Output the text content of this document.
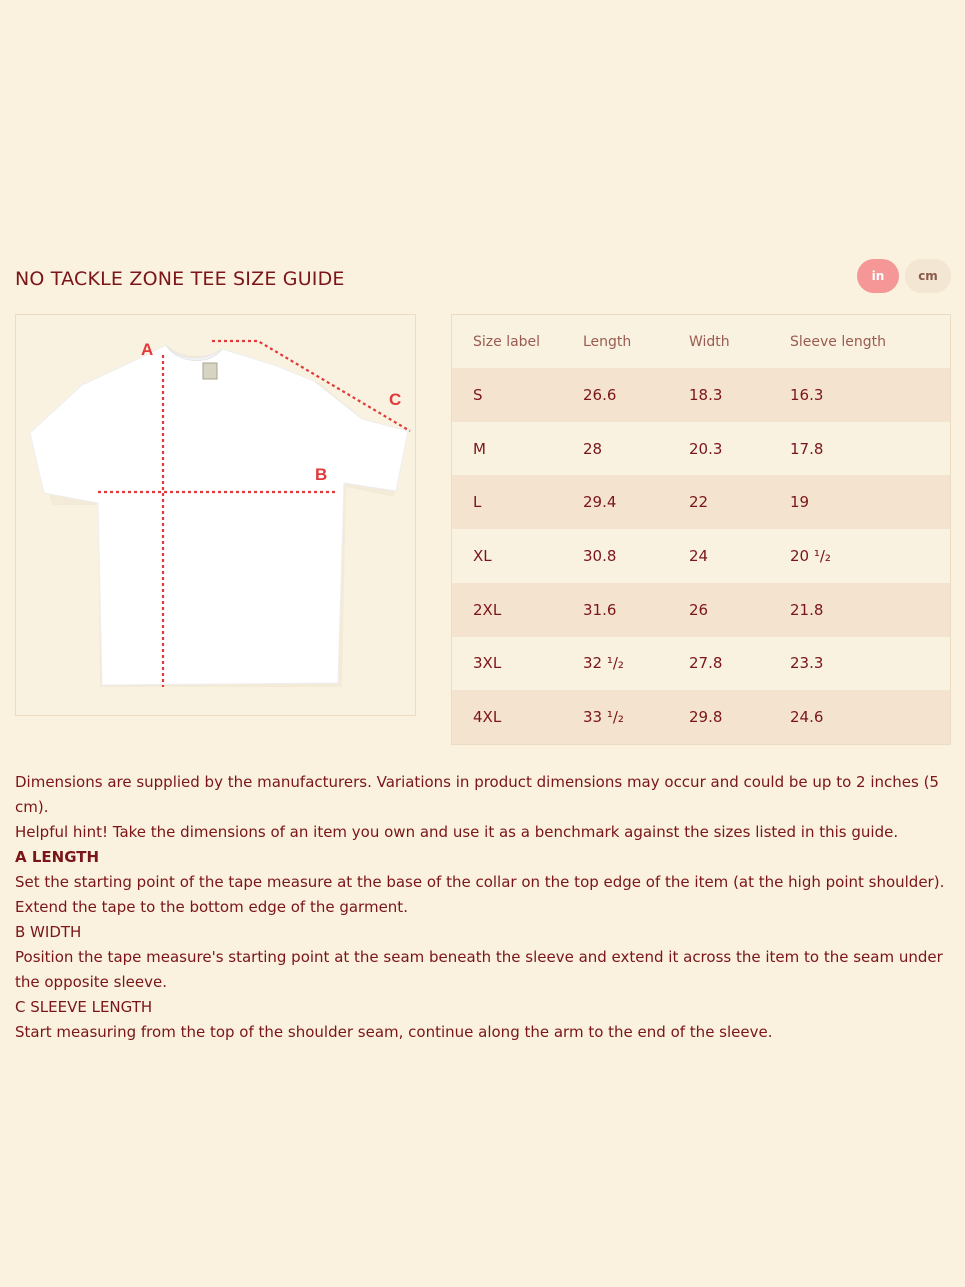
NO TACKLE ZONE TEE SIZE GUIDE	in	cm
A
B
C
Size label	Length	Width	Sleeve length
S	26.6	18.3	16.3
M	28	20.3	17.8
L	29.4	22	19
XL	30.8	24	20 ¹/₂
2XL	31.6	26	21.8
3XL	32 ¹/₂	27.8	23.3
4XL	33 ¹/₂	29.8	24.6

Dimensions are supplied by the manufacturers. Variations in product dimensions may occur and could be up to 2 inches (5 cm).

Helpful hint! Take the dimensions of an item you own and use it as a benchmark against the sizes listed in this guide.

A LENGTH

Set the starting point of the tape measure at the base of the collar on the top edge of the item (at the high point shoulder). Extend the tape to the bottom edge of the garment.

B WIDTH

Position the tape measure's starting point at the seam beneath the sleeve and extend it across the item to the seam under the opposite sleeve.

C SLEEVE LENGTH

Start measuring from the top of the shoulder seam, continue along the arm to the end of the sleeve.
